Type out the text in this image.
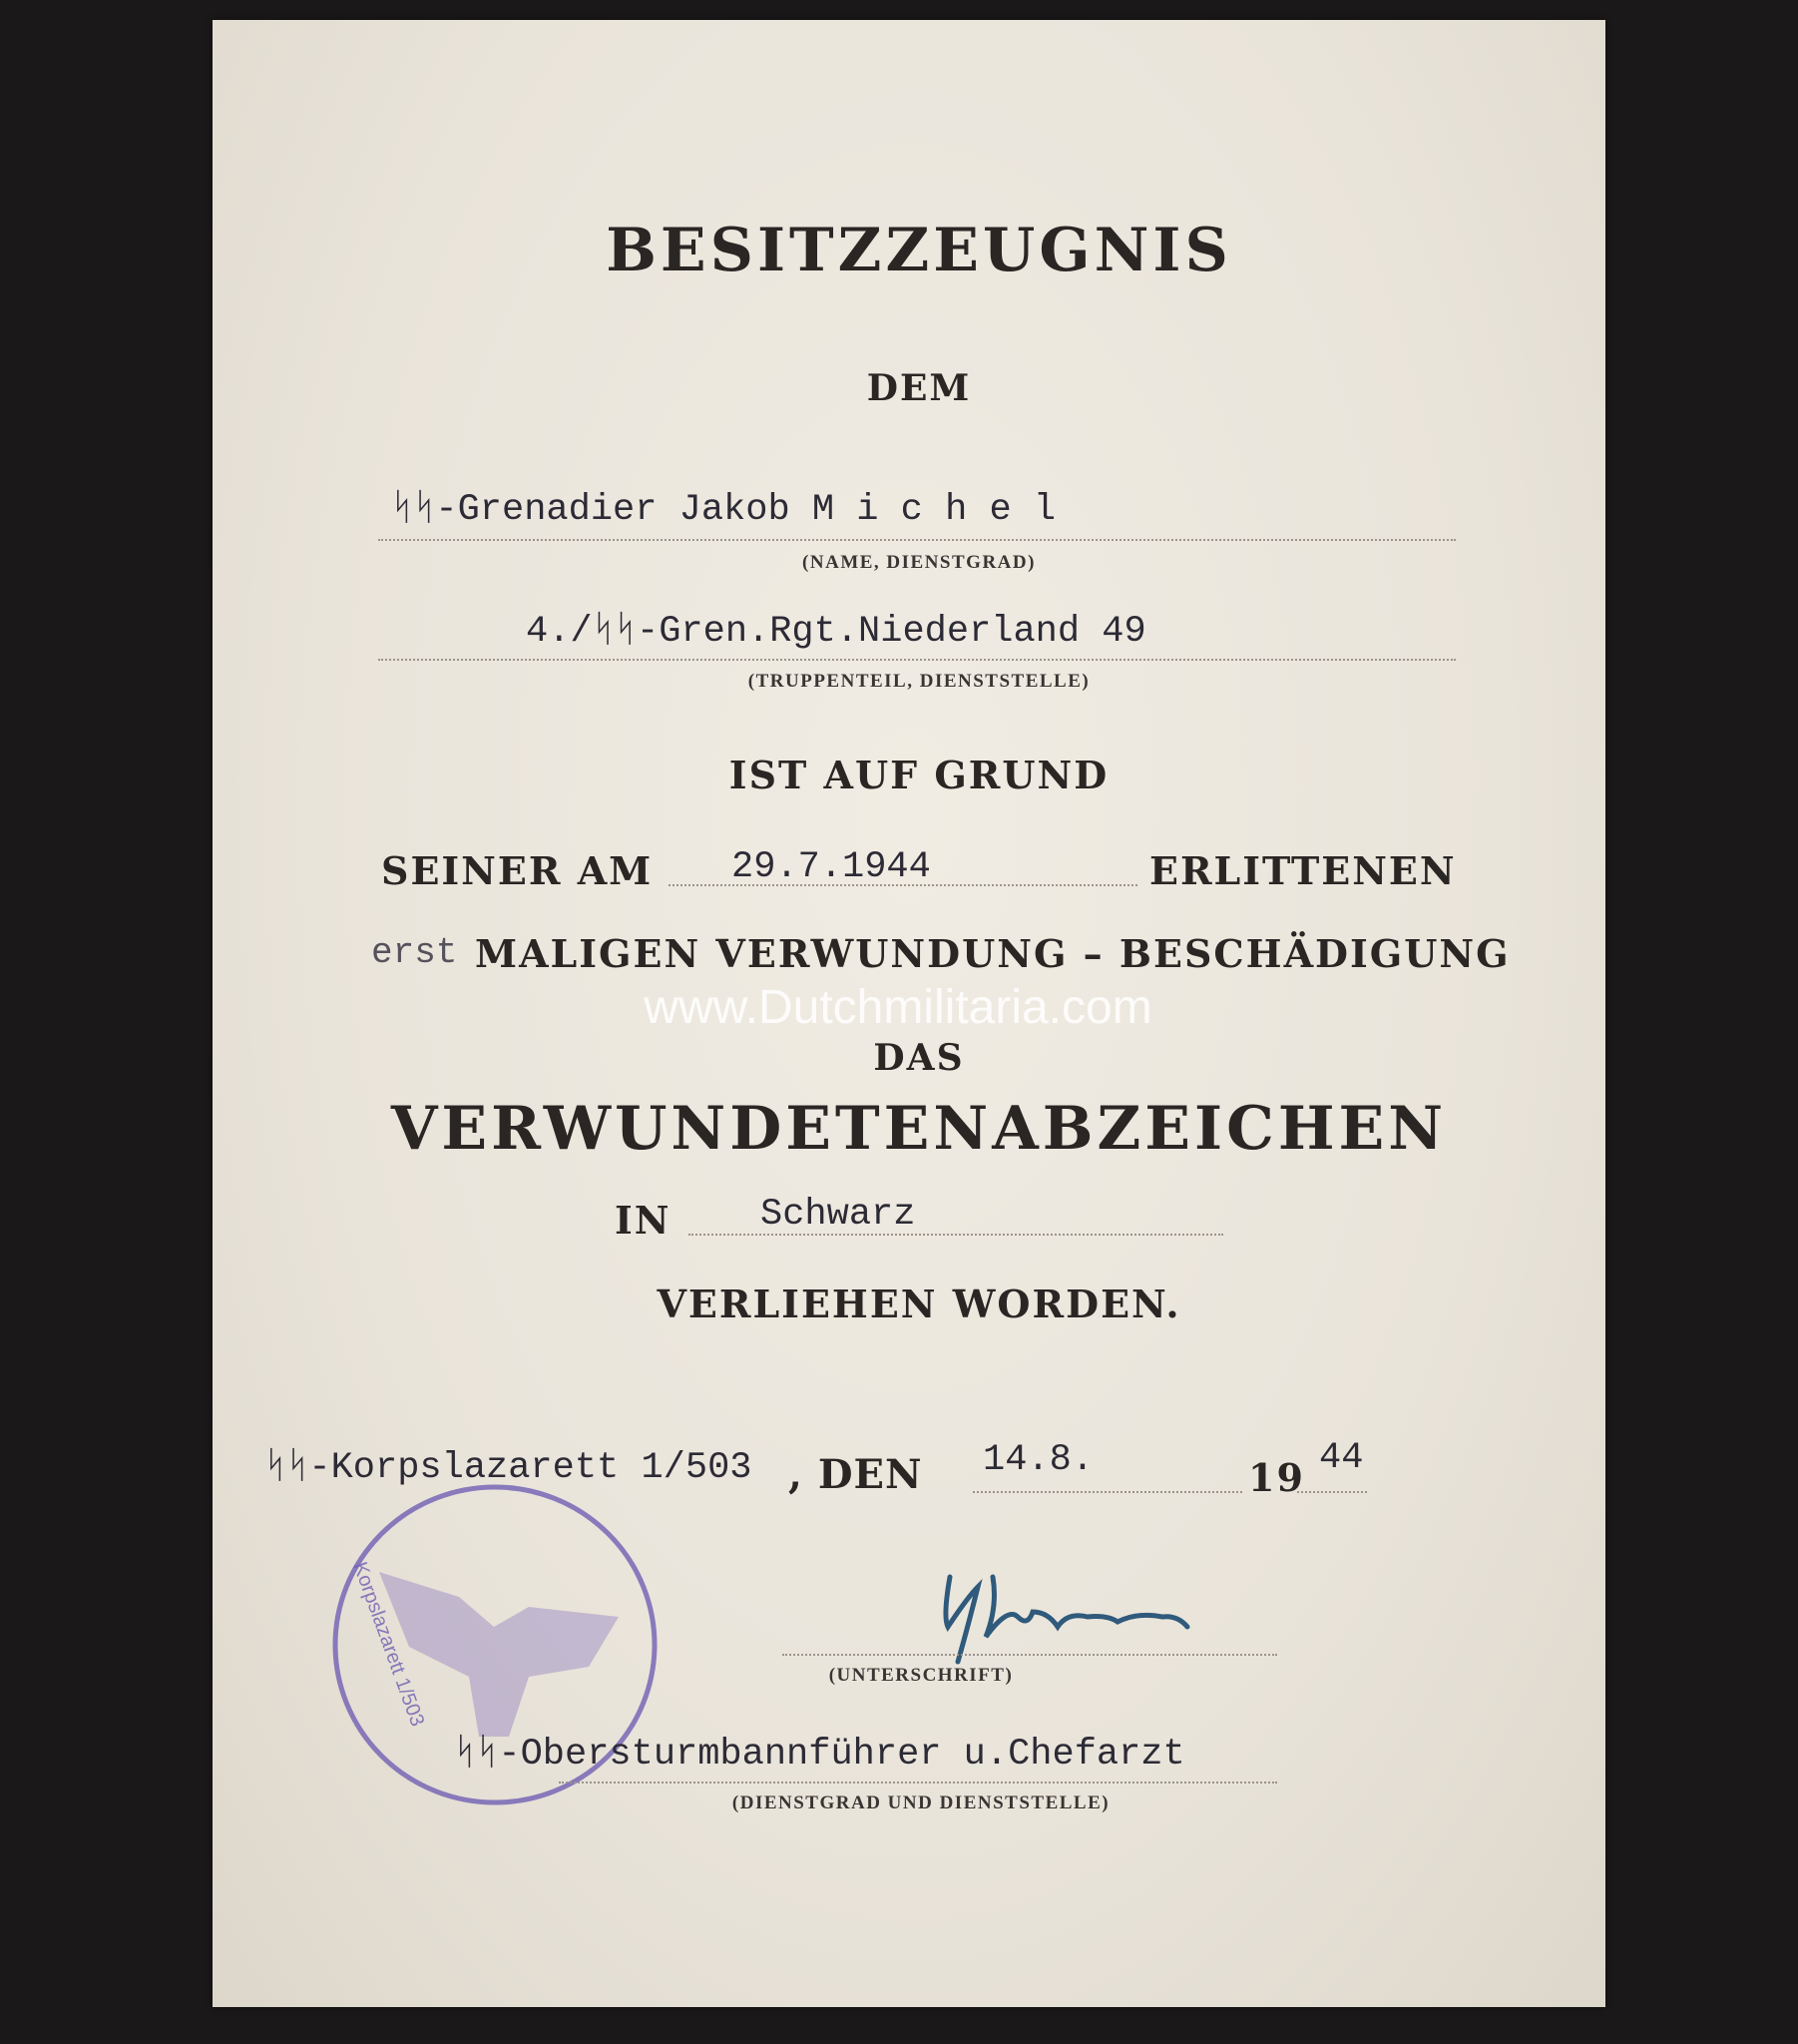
BESITZZEUGNIS
DEM
ᛋᛋ-Grenadier Jakob M i c h e l
(NAME, DIENSTGRAD)
4./ᛋᛋ-Gren.Rgt.Niederland 49
(TRUPPENTEIL, DIENSTSTELLE)
IST AUF GRUND
SEINER AM 29.7.1944	ERLITTENEN
erst MALIGEN VERWUNDUNG – BESCHÄDIGUNG
www.Dutchmilitaria.com
DAS
VERWUNDETENABZEICHEN
IN Schwarz
VERLIEHEN WORDEN.
ᛋᛋ-Korpslazarett 1/503 , DEN 14.8.	19 44
Korpslazarett 1/503	(UNTERSCHRIFT)
ᛋᛋ-Obersturmbannführer u.Chefarzt
(DIENSTGRAD UND DIENSTSTELLE)
